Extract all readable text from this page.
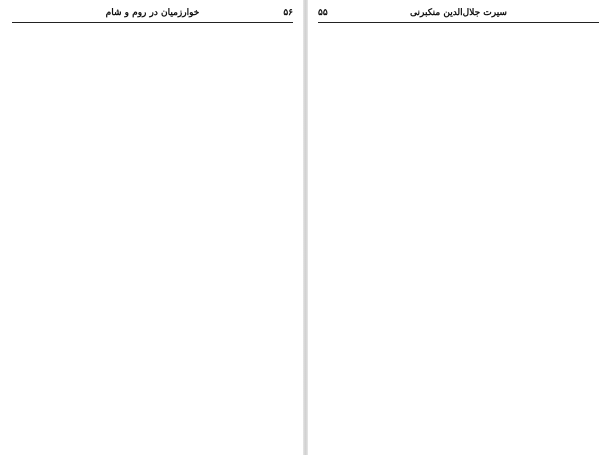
۵۶
خوارزمیان در روم و شام	۵۵	سیرت جلال‌الدین منکبرنی
